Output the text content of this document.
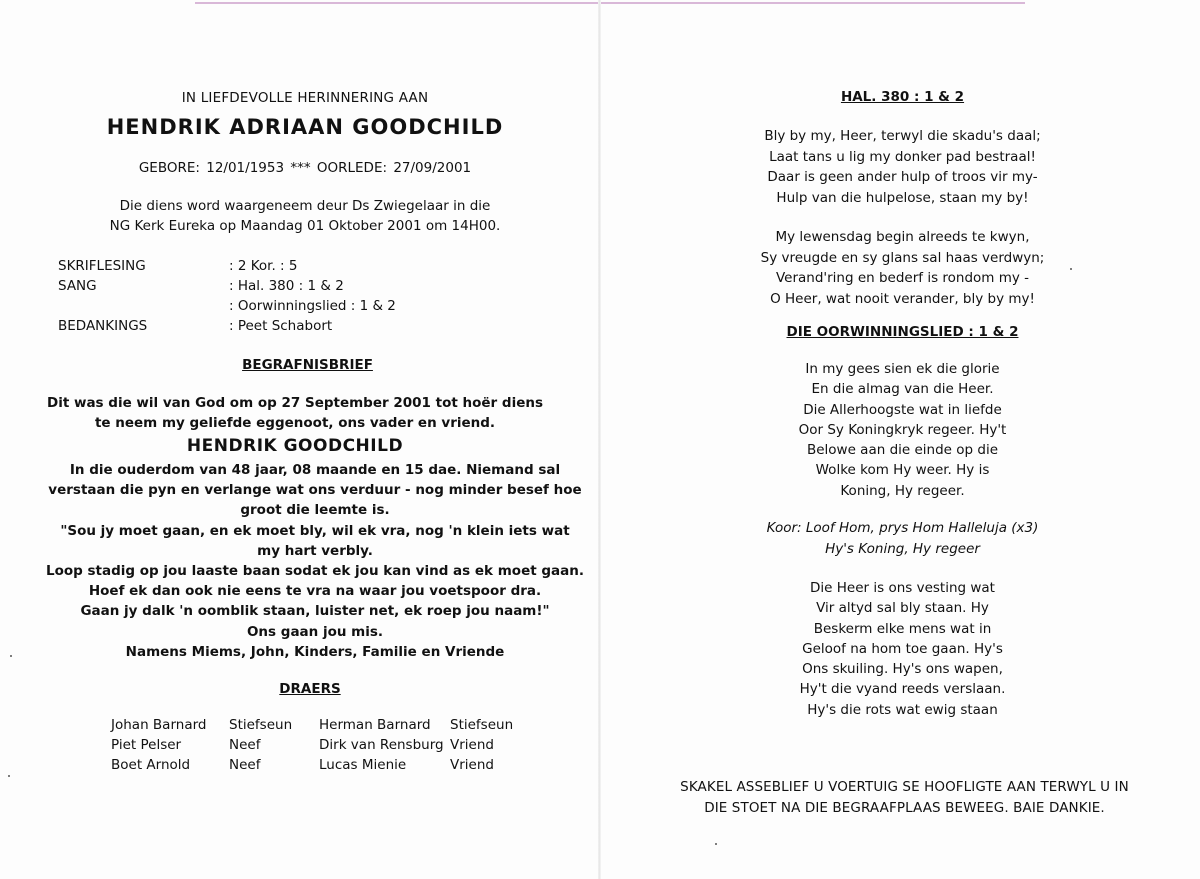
IN LIEFDEVOLLE HERINNERING AAN
HENDRIK ADRIAAN GOODCHILD
GEBORE: 12/01/1953 *** OORLEDE: 27/09/2001
Die diens word waargeneem deur Ds Zwiegelaar in die
NG Kerk Eureka op Maandag 01 Oktober 2001 om 14H00.
SKRIFLESING
SANG
BEDANKINGS
: 2 Kor. : 5
: Hal. 380 : 1 & 2
: Oorwinningslied : 1 & 2
: Peet Schabort
BEGRAFNISBRIEF
Dit was die wil van God om op 27 September 2001 tot hoër diens
te neem my geliefde eggenoot, ons vader en vriend.
HENDRIK GOODCHILD
In die ouderdom van 48 jaar, 08 maande en 15 dae. Niemand sal
verstaan die pyn en verlange wat ons verduur - nog minder besef hoe
groot die leemte is.
"Sou jy moet gaan, en ek moet bly, wil ek vra, nog 'n klein iets wat
my hart verbly.
Loop stadig op jou laaste baan sodat ek jou kan vind as ek moet gaan.
Hoef ek dan ook nie eens te vra na waar jou voetspoor dra.
Gaan jy dalk 'n oomblik staan, luister net, ek roep jou naam!"
Ons gaan jou mis.
Namens Miems, John, Kinders, Familie en Vriende
DRAERS
Johan Barnard
Piet Pelser
Boet Arnold
Stiefseun
Neef
Neef
Herman Barnard
Dirk van Rensburg
Lucas Mienie
Stiefseun
Vriend
Vriend
HAL. 380 : 1 & 2
Bly by my, Heer, terwyl die skadu's daal;
Laat tans u lig my donker pad bestraal!
Daar is geen ander hulp of troos vir my-
Hulp van die hulpelose, staan my by!
My lewensdag begin alreeds te kwyn,
Sy vreugde en sy glans sal haas verdwyn;
Verand'ring en bederf is rondom my -
O Heer, wat nooit verander, bly by my!
DIE OORWINNINGSLIED : 1 & 2
In my gees sien ek die glorie
En die almag van die Heer.
Die Allerhoogste wat in liefde
Oor Sy Koningkryk regeer. Hy't
Belowe aan die einde op die
Wolke kom Hy weer. Hy is
Koning, Hy regeer.
Koor: Loof Hom, prys Hom Halleluja (x3)
Hy's Koning, Hy regeer
Die Heer is ons vesting wat
Vir altyd sal bly staan. Hy
Beskerm elke mens wat in
Geloof na hom toe gaan. Hy's
Ons skuiling. Hy's ons wapen,
Hy't die vyand reeds verslaan.
Hy's die rots wat ewig staan
SKAKEL ASSEBLIEF U VOERTUIG SE HOOFLIGTE AAN TERWYL U IN
DIE STOET NA DIE BEGRAAFPLAAS BEWEEG. BAIE DANKIE.
